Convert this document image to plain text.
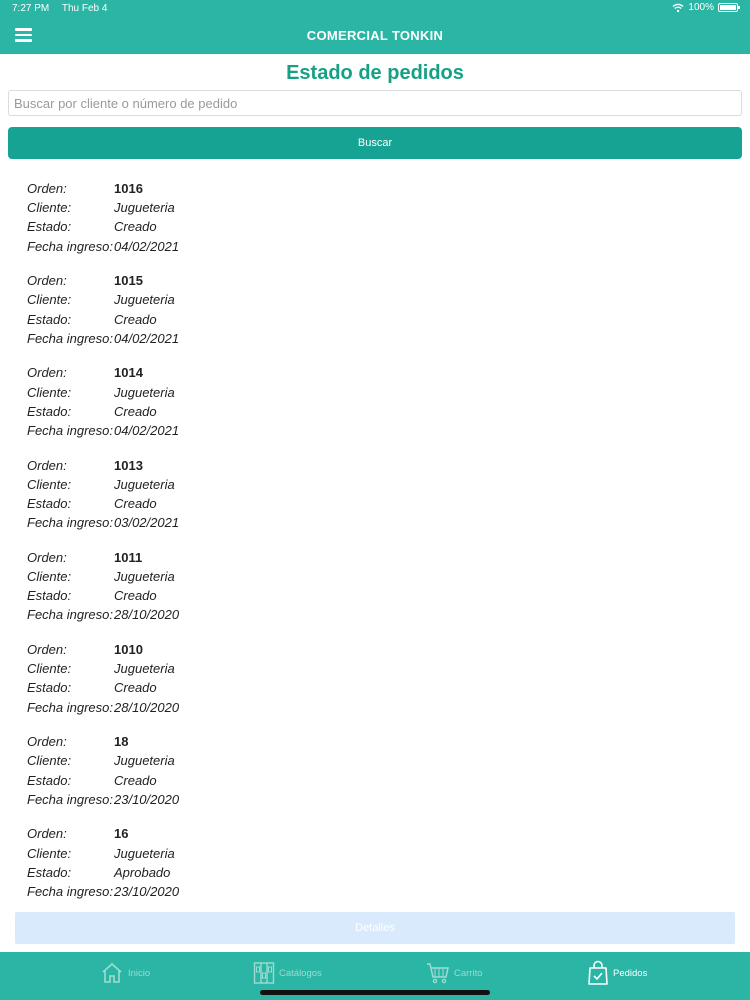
7:27 PM Thu Feb 4	100%
COMERCIAL TONKIN
Estado de pedidos
Buscar por cliente o número de pedido
Buscar
Orden:	1016
Cliente:	Jugueteria
Estado:	Creado
Fecha ingreso:04/02/2021
Orden:	1015
Cliente:	Jugueteria
Estado:	Creado
Fecha ingreso:04/02/2021
Orden:	1014
Cliente:	Jugueteria
Estado:	Creado
Fecha ingreso:04/02/2021
Orden:	1013
Cliente:	Jugueteria
Estado:	Creado
Fecha ingreso:03/02/2021
Orden:	1011
Cliente:	Jugueteria
Estado:	Creado
Fecha ingreso:28/10/2020
Orden:	1010
Cliente:	Jugueteria
Estado:	Creado
Fecha ingreso:28/10/2020
Orden:	18
Cliente:	Jugueteria
Estado:	Creado
Fecha ingreso:23/10/2020
Orden:	16
Cliente:	Jugueteria
Estado:	Aprobado
Fecha ingreso:23/10/2020
Detalles
Inicio	Catálogos	Carrito	Pedidos
